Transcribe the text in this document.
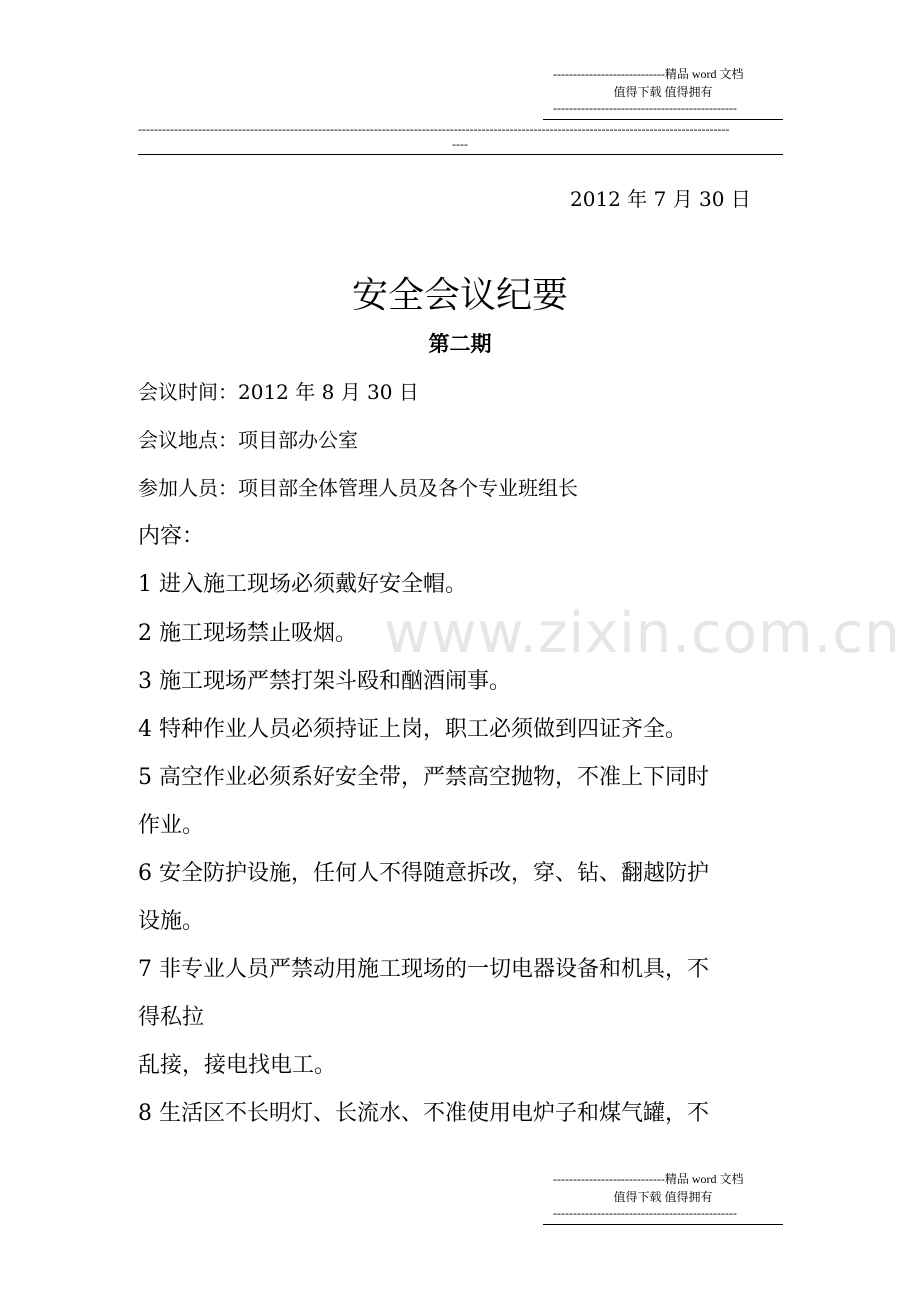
----------------------------精品 word 文档
值得下载 值得拥有
----------------------------------------------
----------------------------------------------------------------------------------------------------------------------------------------------------
----
2012 年 7 月 30 日
安全会议纪要
第二期
会议时间：2012 年 8 月 30 日
会议地点：项目部办公室
参加人员：项目部全体管理人员及各个专业班组长
内容：
www.zixin.com.cn
1 进入施工现场必须戴好安全帽。
2 施工现场禁止吸烟。
3 施工现场严禁打架斗殴和酗酒闹事。
4 特种作业人员必须持证上岗，职工必须做到四证齐全。
5 高空作业必须系好安全带，严禁高空抛物，不准上下同时
作业。
6 安全防护设施，任何人不得随意拆改，穿、钻、翻越防护
设施。
7 非专业人员严禁动用施工现场的一切电器设备和机具，不
得私拉
乱接，接电找电工。
8 生活区不长明灯、长流水、不准使用电炉子和煤气罐，不
----------------------------精品 word 文档
值得下载 值得拥有
----------------------------------------------
